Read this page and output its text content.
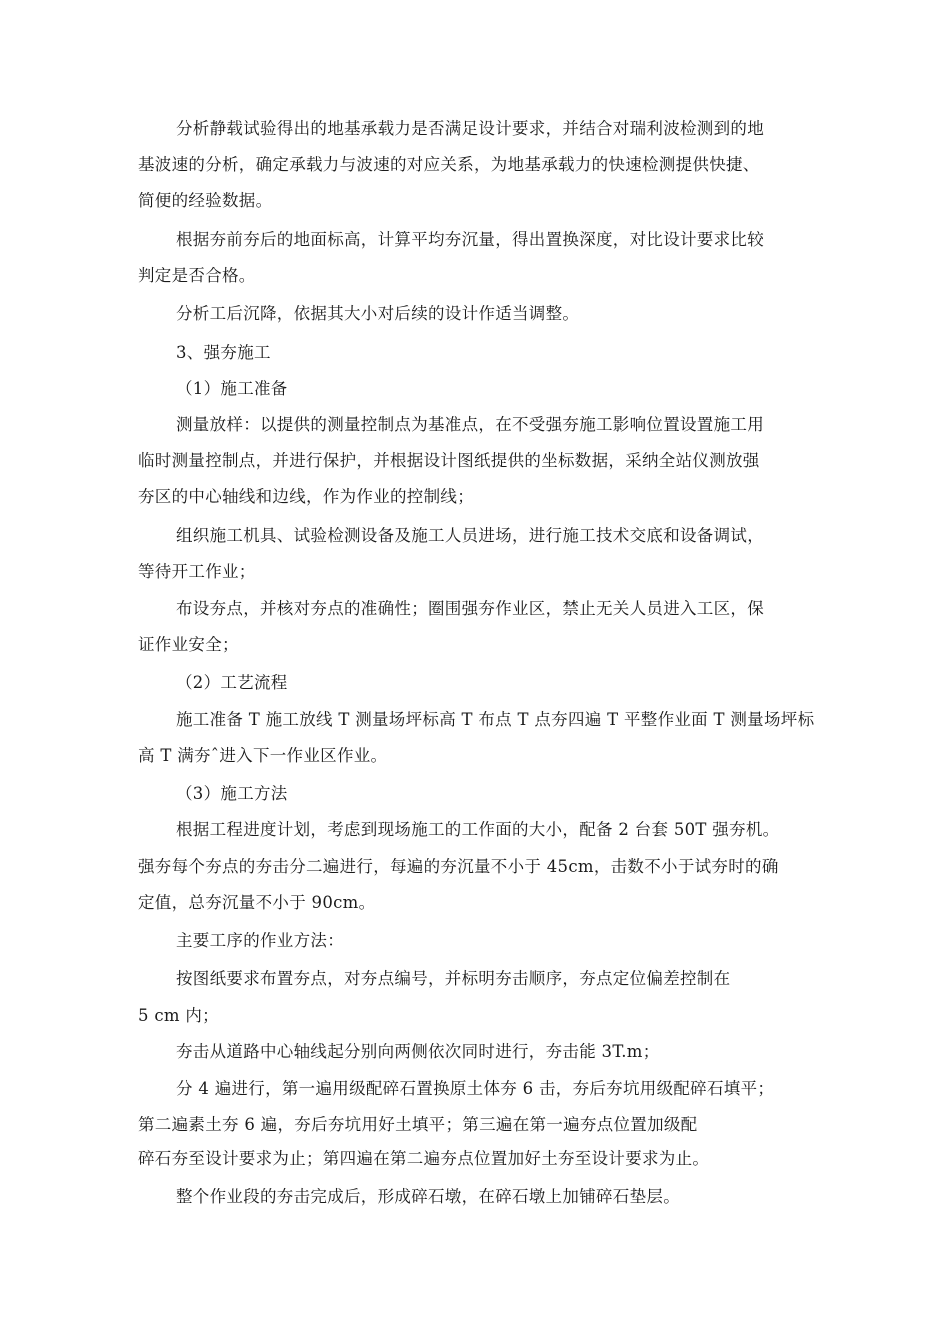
分析静载试验得出的地基承载力是否满足设计要求，并结合对瑞利波检测到的地
基波速的分析，确定承载力与波速的对应关系，为地基承载力的快速检测提供快捷、
简便的经验数据。
根据夯前夯后的地面标高，计算平均夯沉量，得出置换深度，对比设计要求比较
判定是否合格。
分析工后沉降，依据其大小对后续的设计作适当调整。
3、强夯施工
（1）施工准备
测量放样：以提供的测量控制点为基准点，在不受强夯施工影响位置设置施工用
临时测量控制点，并进行保护，并根据设计图纸提供的坐标数据，采纳全站仪测放强
夯区的中心轴线和边线，作为作业的控制线；
组织施工机具、试验检测设备及施工人员进场，进行施工技术交底和设备调试，
等待开工作业；
布设夯点，并核对夯点的准确性；圈围强夯作业区，禁止无关人员进入工区，保
证作业安全；
（2）工艺流程
施工准备 T 施工放线 T 测量场坪标高 T 布点 T 点夯四遍 T 平整作业面 T 测量场坪标
高 T 满夯ˆ进入下一作业区作业。
（3）施工方法
根据工程进度计划，考虑到现场施工的工作面的大小，配备 2 台套 50T 强夯机。
强夯每个夯点的夯击分二遍进行，每遍的夯沉量不小于 45cm，击数不小于试夯时的确
定值，总夯沉量不小于 90cm。
主要工序的作业方法：
按图纸要求布置夯点，对夯点编号，并标明夯击顺序，夯点定位偏差控制在
5 cm 内；
夯击从道路中心轴线起分别向两侧依次同时进行，夯击能 3T.m；
分 4 遍进行，第一遍用级配碎石置换原土体夯 6 击，夯后夯坑用级配碎石填平；
第二遍素土夯 6 遍，夯后夯坑用好土填平；第三遍在第一遍夯点位置加级配
碎石夯至设计要求为止；第四遍在第二遍夯点位置加好土夯至设计要求为止。
整个作业段的夯击完成后，形成碎石墩，在碎石墩上加铺碎石垫层。
